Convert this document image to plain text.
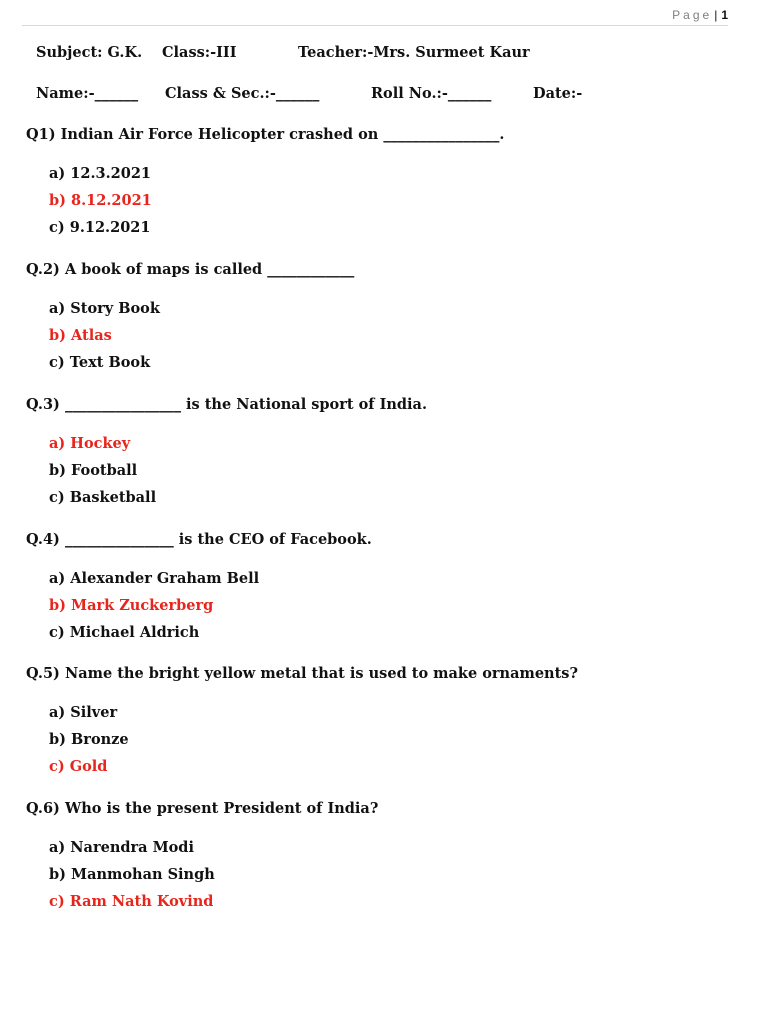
Page | 1
Subject: G.K. Class:-III	Teacher:-Mrs. Surmeet Kaur
Name:-______ Class & Sec.:-______	Roll No.:-______	Date:-
Q1) Indian Air Force Helicopter crashed on ________________.
a) 12.3.2021
b) 8.12.2021
c) 9.12.2021
Q.2) A book of maps is called ____________
a) Story Book
b) Atlas
c) Text Book
Q.3) ________________ is the National sport of India.
a) Hockey
b) Football
c) Basketball
Q.4) _______________ is the CEO of Facebook.
a) Alexander Graham Bell
b) Mark Zuckerberg
c) Michael Aldrich
Q.5) Name the bright yellow metal that is used to make ornaments?
a) Silver
b) Bronze
c) Gold
Q.6) Who is the present President of India?
a) Narendra Modi
b) Manmohan Singh
c) Ram Nath Kovind
